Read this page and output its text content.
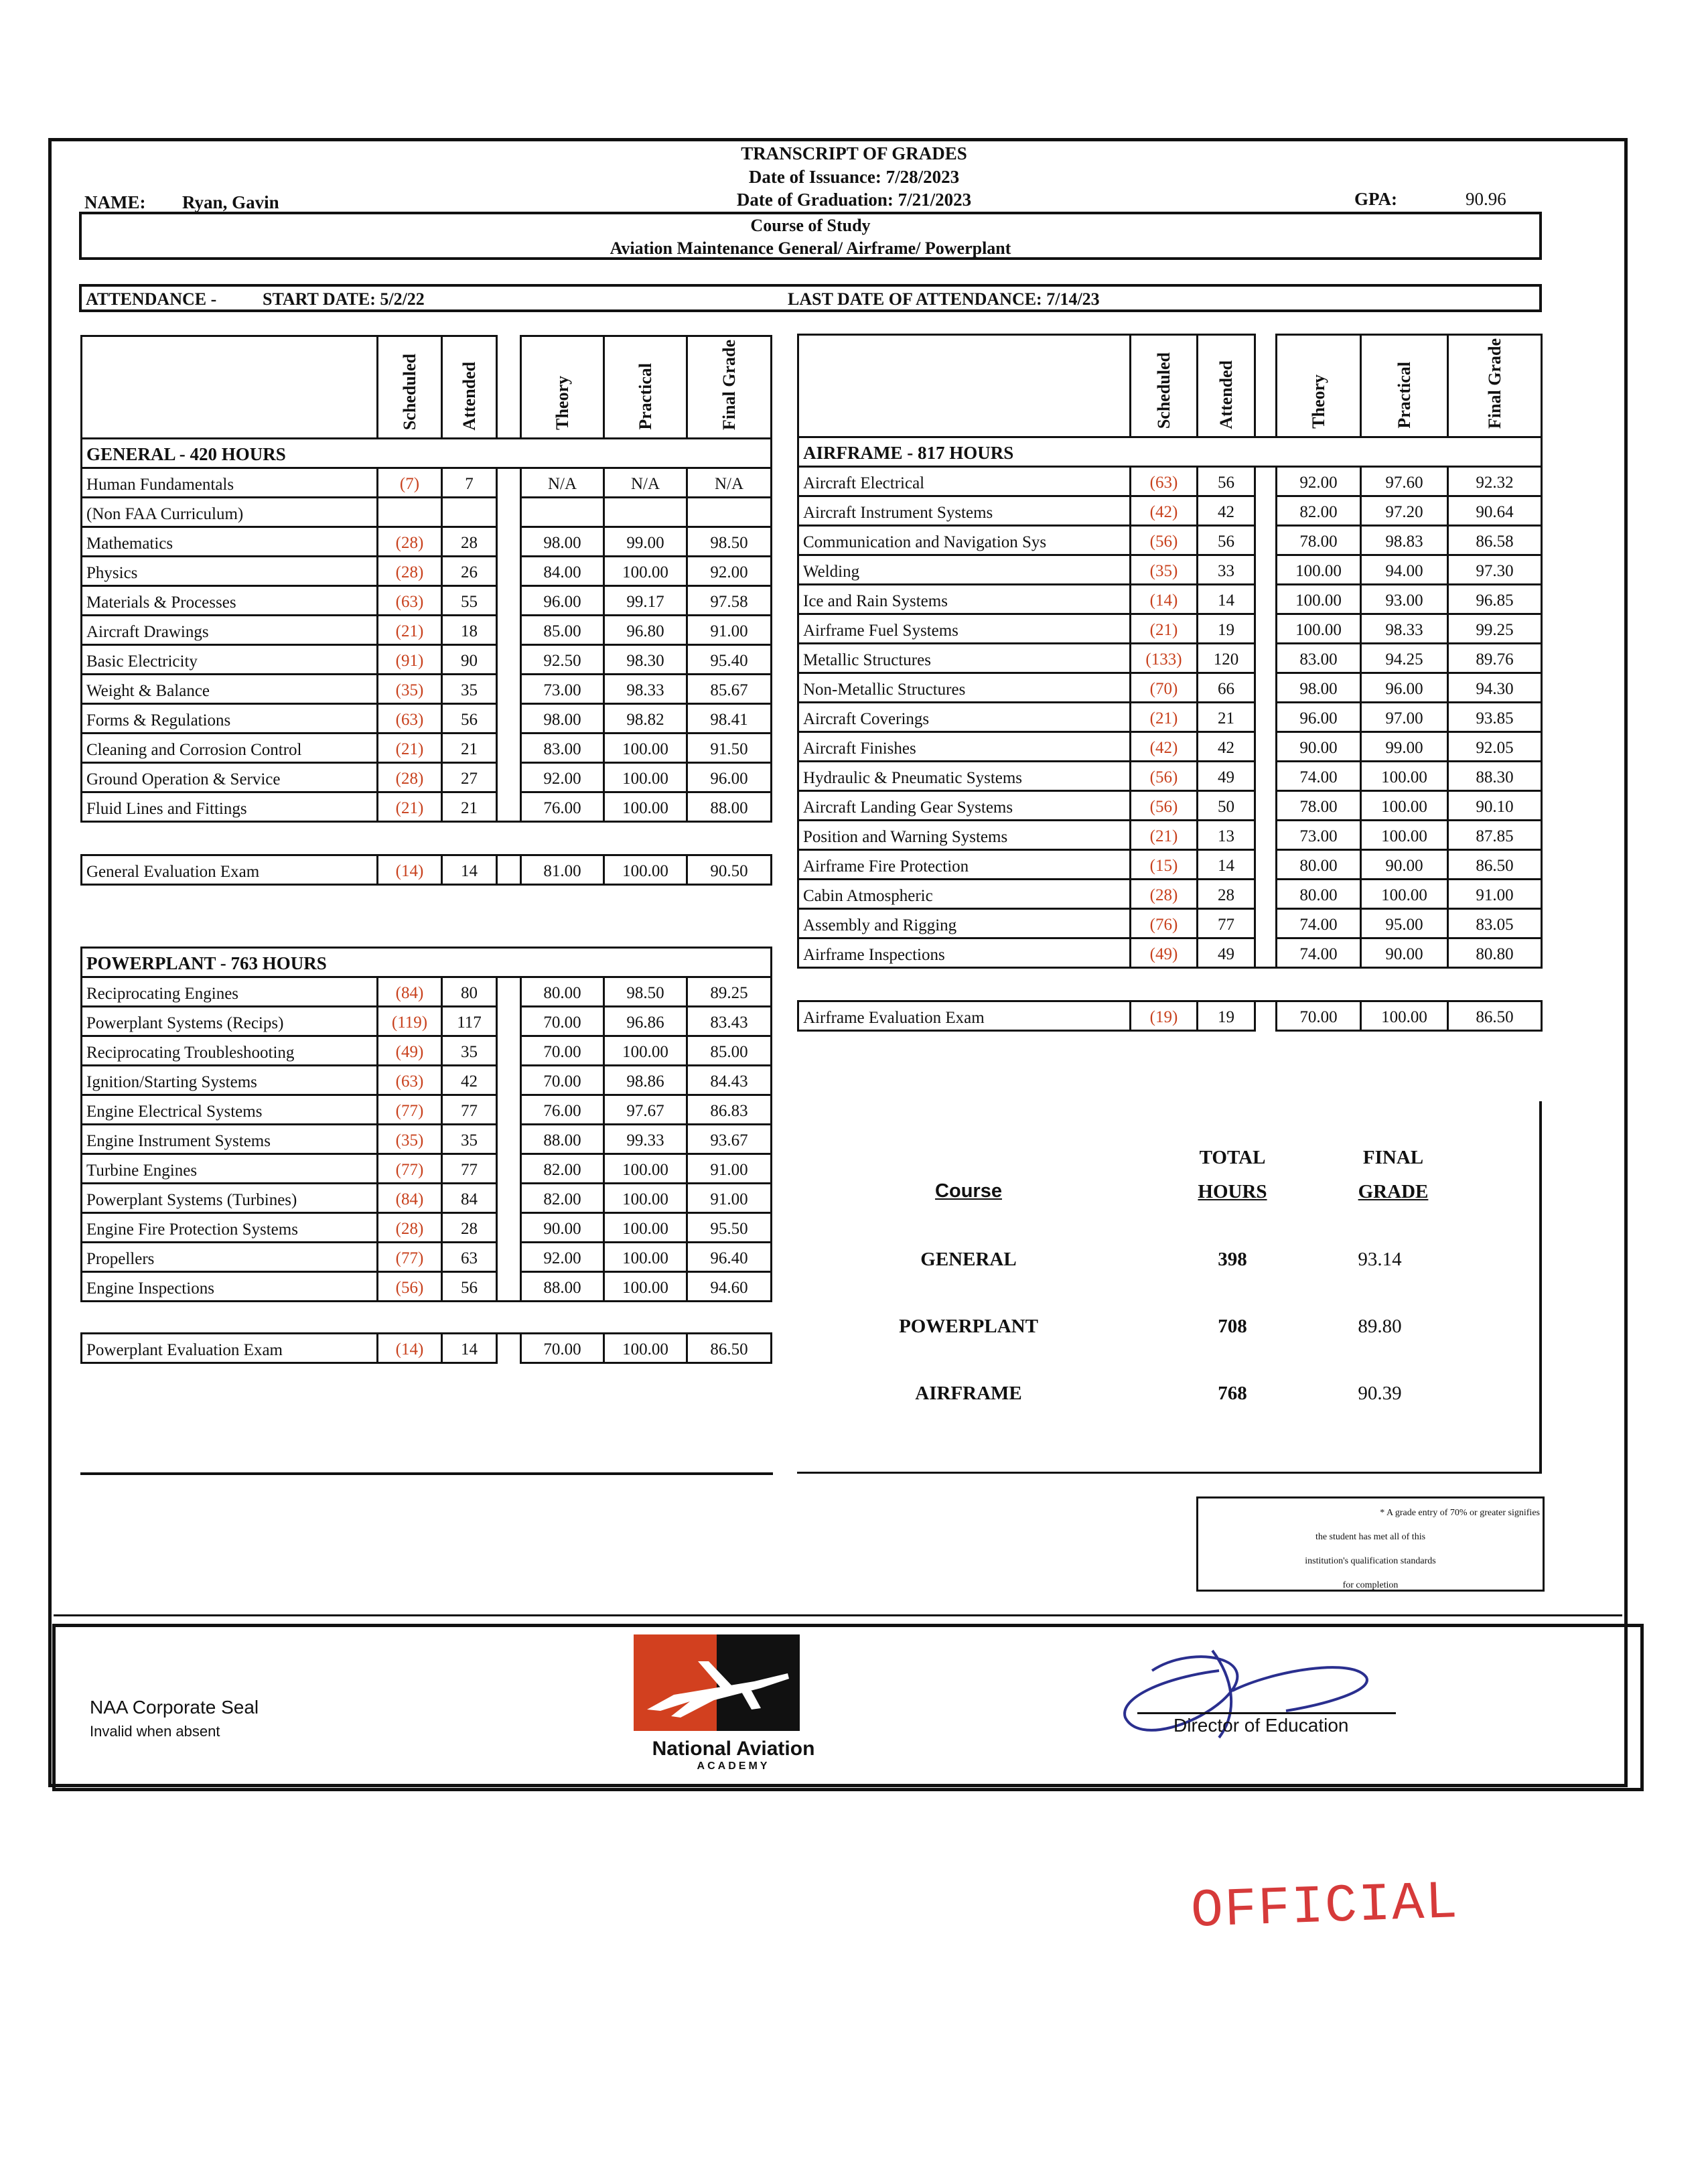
TRANSCRIPT OF GRADES
Date of Issuance: 7/28/2023
Date of Graduation: 7/21/2023
NAME: Ryan, Gavin	GPA:	90.96
Course of Study
Aviation Maintenance General/ Airframe/ Powerplant
ATTENDANCE -	START DATE: 5/2/22	LAST DATE OF ATTENDANCE: 7/14/23
	Scheduled	Attended		Theory	Practical	Final Grade
GENERAL - 420 HOURS						
Human Fundamentals	(7)	7		N/A	N/A	N/A
(Non FAA Curriculum)						
Mathematics	(28)	28		98.00	99.00	98.50
Physics	(28)	26		84.00	100.00	92.00
Materials & Processes	(63)	55		96.00	99.17	97.58
Aircraft Drawings	(21)	18		85.00	96.80	91.00
Basic Electricity	(91)	90		92.50	98.30	95.40
Weight & Balance	(35)	35		73.00	98.33	85.67
Forms & Regulations	(63)	56		98.00	98.82	98.41
Cleaning and Corrosion Control	(21)	21		83.00	100.00	91.50
Ground Operation & Service	(28)	27		92.00	100.00	96.00
Fluid Lines and Fittings	(21)	21		76.00	100.00	88.00

General Evaluation Exam	(14)	14		81.00	100.00	90.50

POWERPLANT - 763 HOURS						
Reciprocating Engines	(84)	80		80.00	98.50	89.25
Powerplant Systems (Recips)	(119)	117		70.00	96.86	83.43
Reciprocating Troubleshooting	(49)	35		70.00	100.00	85.00
Ignition/Starting Systems	(63)	42		70.00	98.86	84.43
Engine Electrical Systems	(77)	77		76.00	97.67	86.83
Engine Instrument Systems	(35)	35		88.00	99.33	93.67
Turbine Engines	(77)	77		82.00	100.00	91.00
Powerplant Systems (Turbines)	(84)	84		82.00	100.00	91.00
Engine Fire Protection Systems	(28)	28		90.00	100.00	95.50
Propellers	(77)	63		92.00	100.00	96.40
Engine Inspections	(56)	56		88.00	100.00	94.60

Powerplant Evaluation Exam	(14)	14		70.00	100.00	86.50
	Scheduled	Attended		Theory	Practical	Final Grade
AIRFRAME - 817 HOURS						
Aircraft Electrical	(63)	56		92.00	97.60	92.32
Aircraft Instrument Systems	(42)	42		82.00	97.20	90.64
Communication and Navigation Sys	(56)	56		78.00	98.83	86.58
Welding	(35)	33		100.00	94.00	97.30
Ice and Rain Systems	(14)	14		100.00	93.00	96.85
Airframe Fuel Systems	(21)	19		100.00	98.33	99.25
Metallic Structures	(133)	120		83.00	94.25	89.76
Non-Metallic Structures	(70)	66		98.00	96.00	94.30
Aircraft Coverings	(21)	21		96.00	97.00	93.85
Aircraft Finishes	(42)	42		90.00	99.00	92.05
Hydraulic & Pneumatic Systems	(56)	49		74.00	100.00	88.30
Aircraft Landing Gear Systems	(56)	50		78.00	100.00	90.10
Position and Warning Systems	(21)	13		73.00	100.00	87.85
Airframe Fire Protection	(15)	14		80.00	90.00	86.50
Cabin Atmospheric	(28)	28		80.00	100.00	91.00
Assembly and Rigging	(76)	77		74.00	95.00	83.05
Airframe Inspections	(49)	49		74.00	90.00	80.80

Airframe Evaluation Exam	(19)	19		70.00	100.00	86.50
Course
TOTAL
HOURS
FINAL
GRADE
GENERAL	398	93.14
POWERPLANT	708	89.80
AIRFRAME	768	90.39
* A grade entry of 70% or greater signifies
the student has met all of this
institution's qualification standards
for completion
NAA Corporate Seal
Invalid when absent
National Aviation
ACADEMY
Director of Education
OFFICIAL
